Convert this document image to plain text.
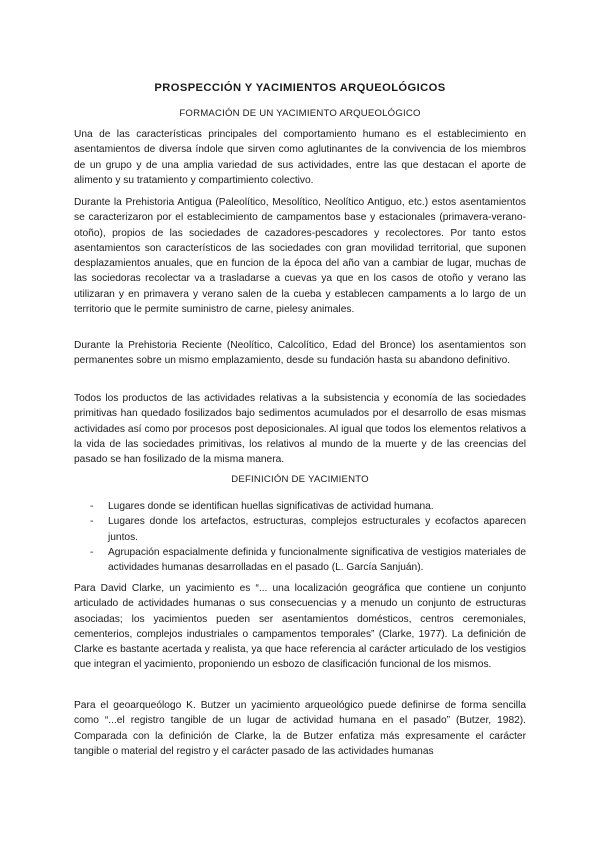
PROSPECCIÓN Y YACIMIENTOS ARQUEOLÓGICOS
FORMACIÓN DE UN YACIMIENTO ARQUEOLÓGICO

Una de las características principales del comportamiento humano es el establecimiento en asentamientos de diversa índole que sirven como aglutinantes de la convivencia de los miembros de un grupo y de una amplia variedad de sus actividades, entre las que destacan el aporte de alimento y su tratamiento y compartimiento colectivo.

Durante la Prehistoria Antigua (Paleolítico, Mesolítico, Neolítico Antiguo, etc.) estos asentamientos se caracterizaron por el establecimiento de campamentos base y estacionales (primavera-verano-otoño), propios de las sociedades de cazadores-pescadores y recolectores. Por tanto estos asentamientos son característicos de las sociedades con gran movilidad territorial, que suponen desplazamientos anuales, que en funcion de la época del año van a cambiar de lugar, muchas de las sociedoras recolectar va a trasladarse a cuevas ya que en los casos de otoño y verano las utilizaran y en primavera y verano salen de la cueba y establecen campaments a lo largo de un territorio que le permite suministro de carne, pielesy animales.

Durante la Prehistoria Reciente (Neolítico, Calcolítico, Edad del Bronce) los asentamientos son permanentes sobre un mismo emplazamiento, desde su fundación hasta su abandono definitivo.

Todos los productos de las actividades relativas a la subsistencia y economía de las sociedades primitivas han quedado fosilizados bajo sedimentos acumulados por el desarrollo de esas mismas actividades así como por procesos post deposicionales. Al igual que todos los elementos relativos a la vida de las sociedades primitivas, los relativos al mundo de la muerte y de las creencias del pasado se han fosilizado de la misma manera.

DEFINICIÓN DE YACIMIENTO
- Lugares donde se identifican huellas significativas de actividad humana.
- Lugares donde los artefactos, estructuras, complejos estructurales y ecofactos aparecen juntos.
- Agrupación espacialmente definida y funcionalmente significativa de vestigios materiales de actividades humanas desarrolladas en el pasado (L. García Sanjuán).

Para David Clarke, un yacimiento es “... una localización geográfica que contiene un conjunto articulado de actividades humanas o sus consecuencias y a menudo un conjunto de estructuras asociadas; los yacimientos pueden ser asentamientos domésticos, centros ceremoniales, cementerios, complejos industriales o campamentos temporales” (Clarke, 1977). La definición de Clarke es bastante acertada y realista, ya que hace referencia al carácter articulado de los vestigios que integran el yacimiento, proponiendo un esbozo de clasificación funcional de los mismos.

Para el geoarqueólogo K. Butzer un yacimiento arqueológico puede definirse de forma sencilla como “...el registro tangible de un lugar de actividad humana en el pasado” (Butzer, 1982). Comparada con la definición de Clarke, la de Butzer enfatiza más expresamente el carácter tangible o material del registro y el carácter pasado de las actividades humanas
